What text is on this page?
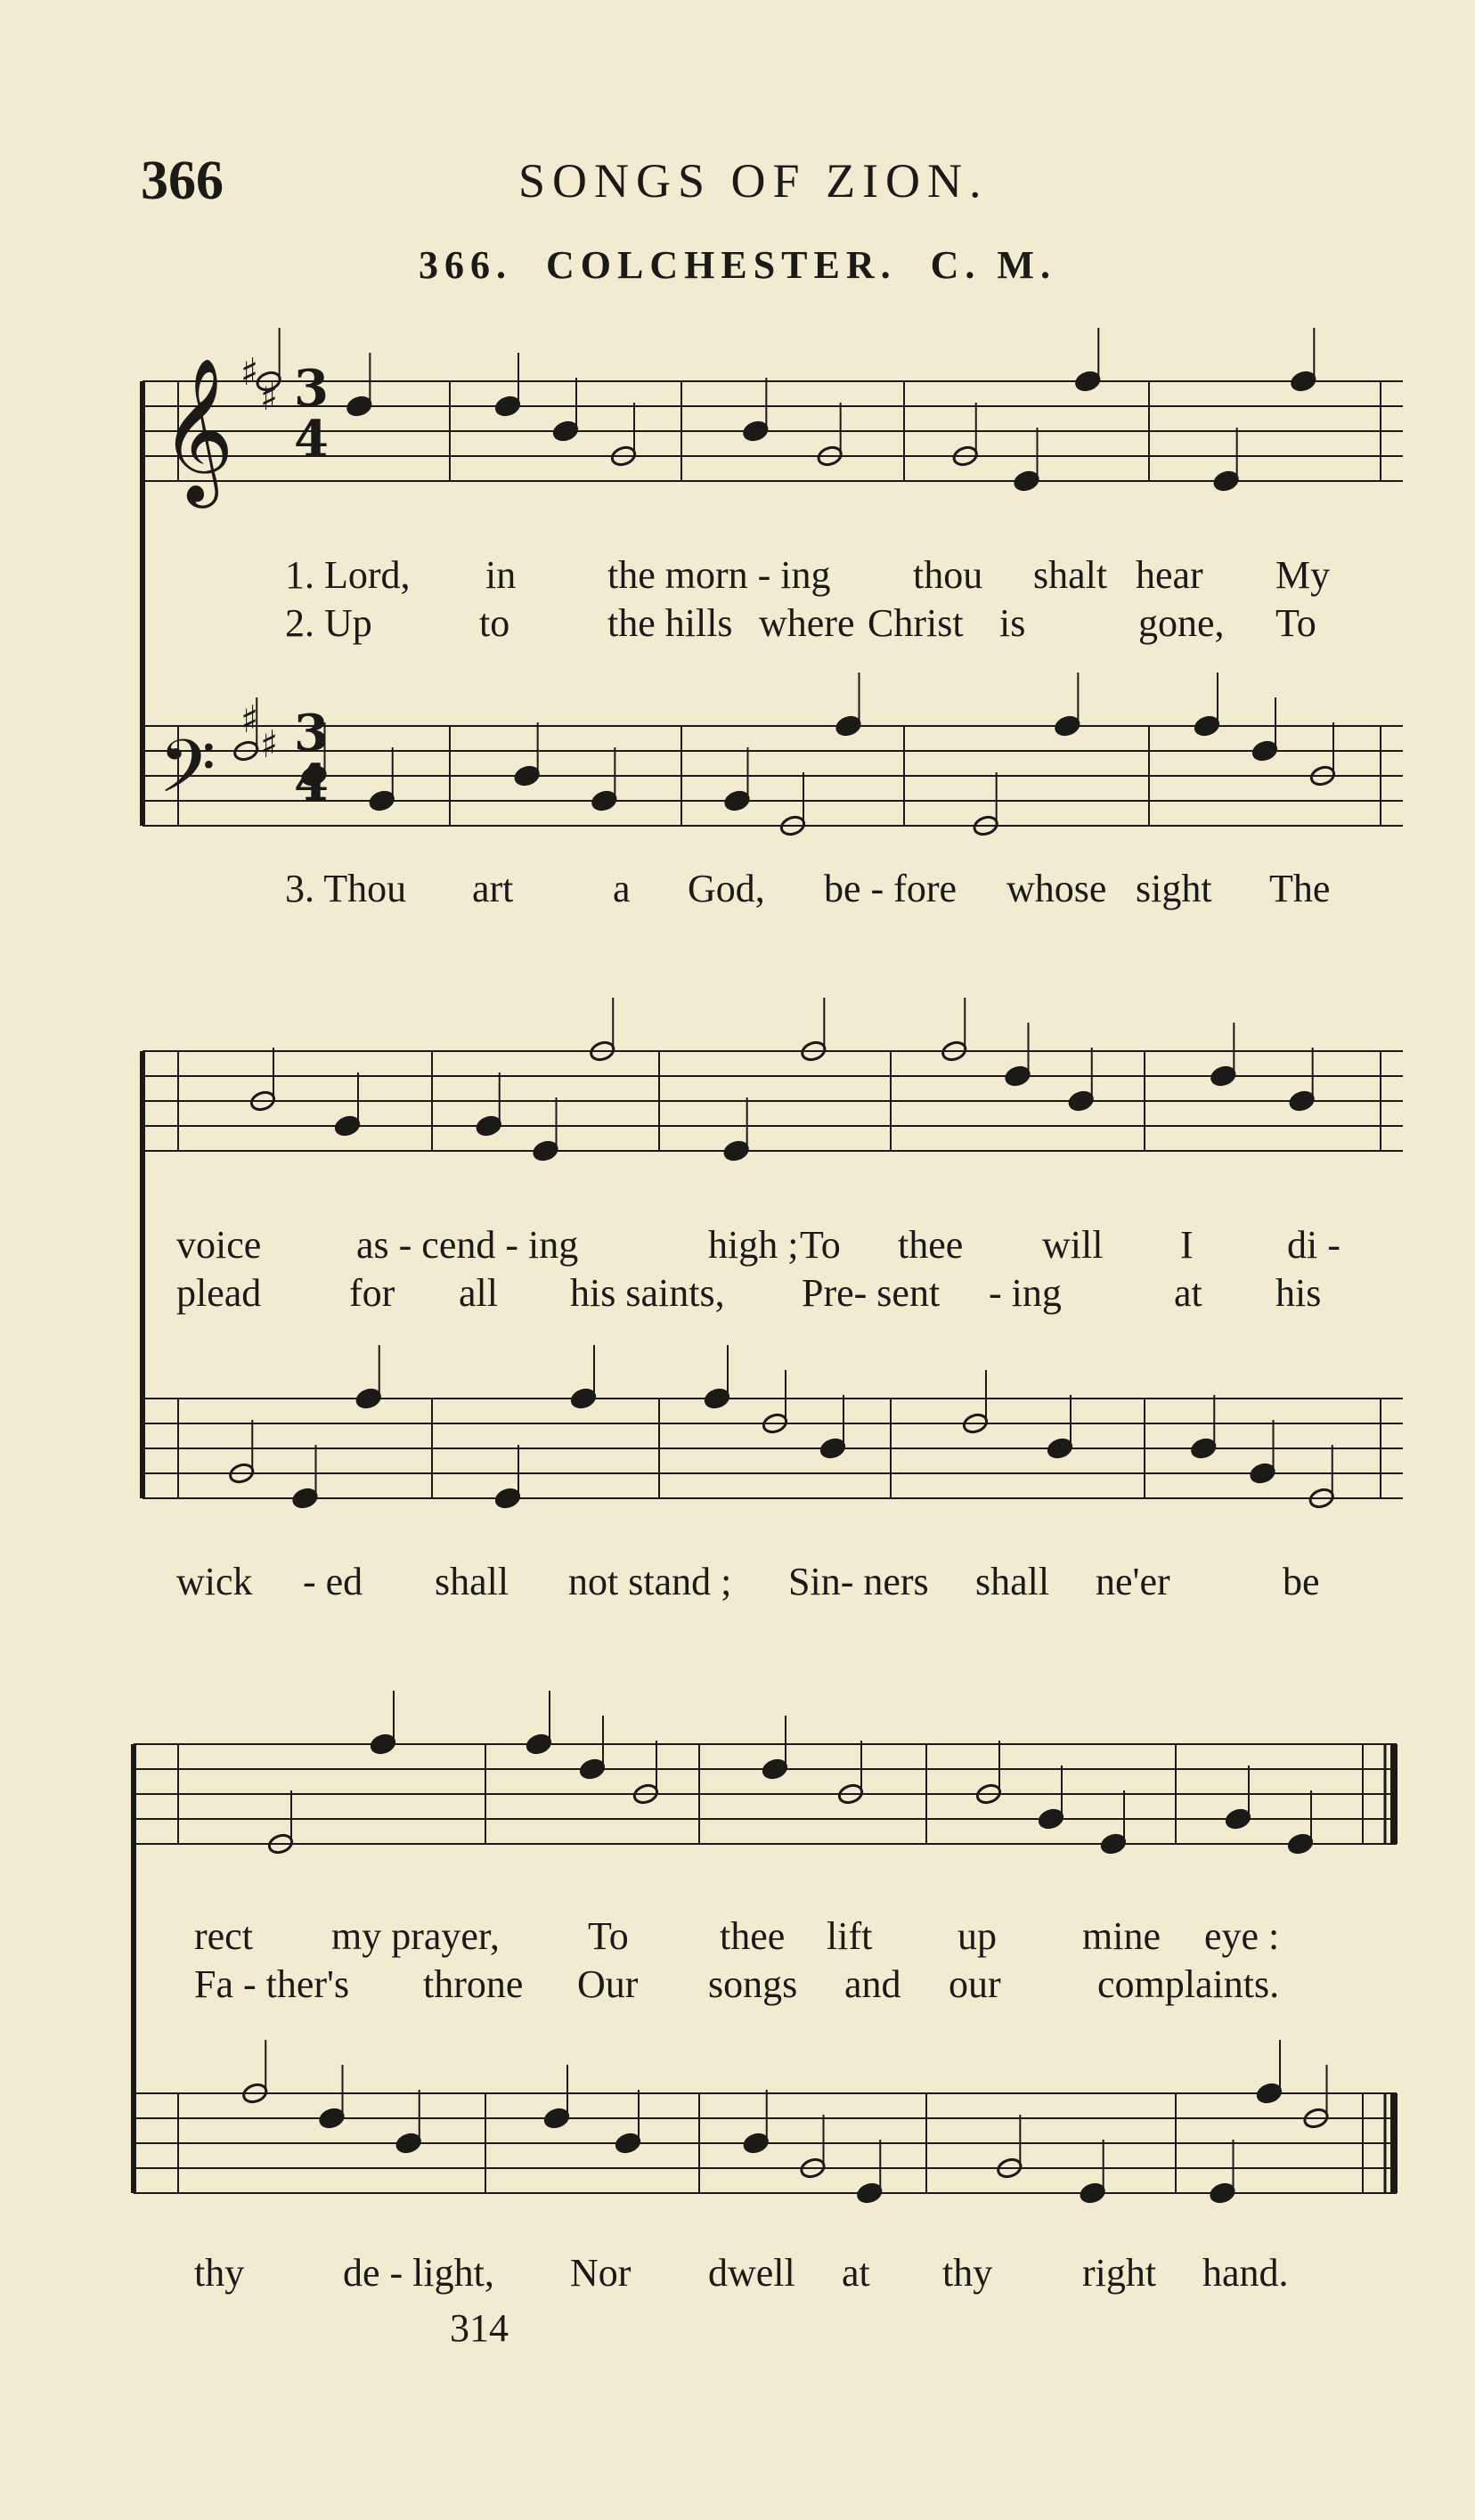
366	SONGS OF ZION.
366. COLCHESTER. C. M.
𝄞
𝄢
3
4
3
4
♯
♯
♯
♯
1. Lord, in the morn - ing thou shalt hear My
2. Up	to the hills where Christ is	gone, To
3. Thou art	a God, be - fore whose sight The
voice as - cend - ing	high ; To thee will I di -
plead for all his saints, Pre- sent - ing	at his
wick - ed shall not stand ; Sin- ners shall ne'er	be
rect my prayer, To thee lift up mine eye :
Fa - ther's throne Our songs and our complaints.
thy	de - light, Nor dwell at thy right hand.
314
